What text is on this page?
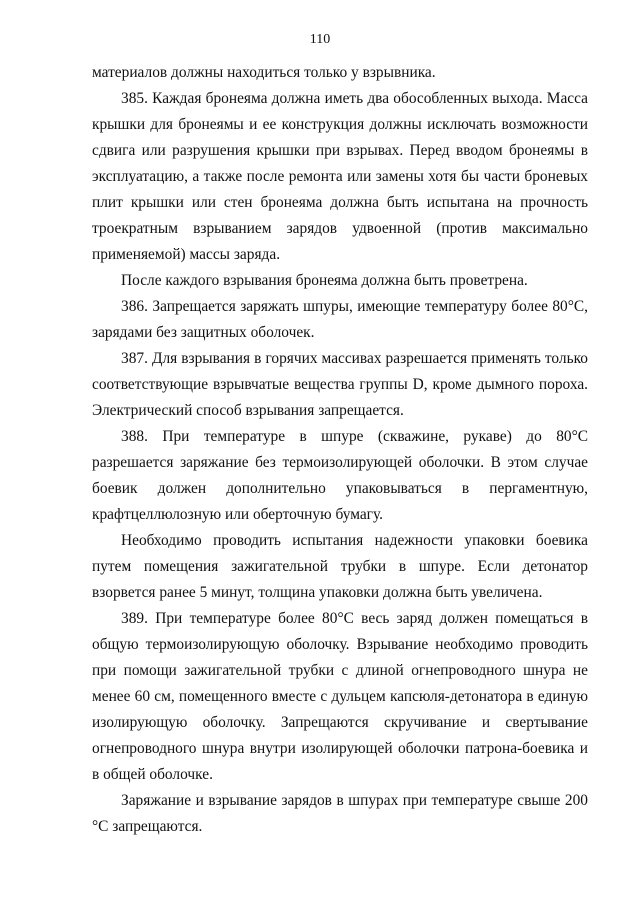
110

материалов должны находиться только у взрывника.

385. Каждая бронеяма должна иметь два обособленных выхода. Масса крышки для бронеямы и ее конструкция должны исключать возможности сдвига или разрушения крышки при взрывах. Перед вводом бронеямы в эксплуатацию, а также после ремонта или замены хотя бы части броневых плит крышки или стен бронеяма должна быть испытана на прочность троекратным взрыванием зарядов удвоенной (против максимально применяемой) массы заряда.

После каждого взрывания бронеяма должна быть проветрена.

386. Запрещается заряжать шпуры, имеющие температуру более 80°С, зарядами без защитных оболочек.

387. Для взрывания в горячих массивах разрешается применять только соответствующие взрывчатые вещества группы D, кроме дымного пороха. Электрический способ взрывания запрещается.

388. При температуре в шпуре (скважине, рукаве) до 80°С разрешается заряжание без термоизолирующей оболочки. В этом случае боевик должен дополнительно упаковываться в пергаментную, крафтцеллюлозную или оберточную бумагу.

Необходимо проводить испытания надежности упаковки боевика путем помещения зажигательной трубки в шпуре. Если детонатор взорвется ранее 5 минут, толщина упаковки должна быть увеличена.

389. При температуре более 80°С весь заряд должен помещаться в общую термоизолирующую оболочку. Взрывание необходимо проводить при помощи зажигательной трубки с длиной огнепроводного шнура не менее 60 см, помещенного вместе с дульцем капсюля-детонатора в единую изолирующую оболочку. Запрещаются скручивание и свертывание огнепроводного шнура внутри изолирующей оболочки патрона-боевика и в общей оболочке.

Заряжание и взрывание зарядов в шпурах при температуре свыше 200 °С запрещаются.
